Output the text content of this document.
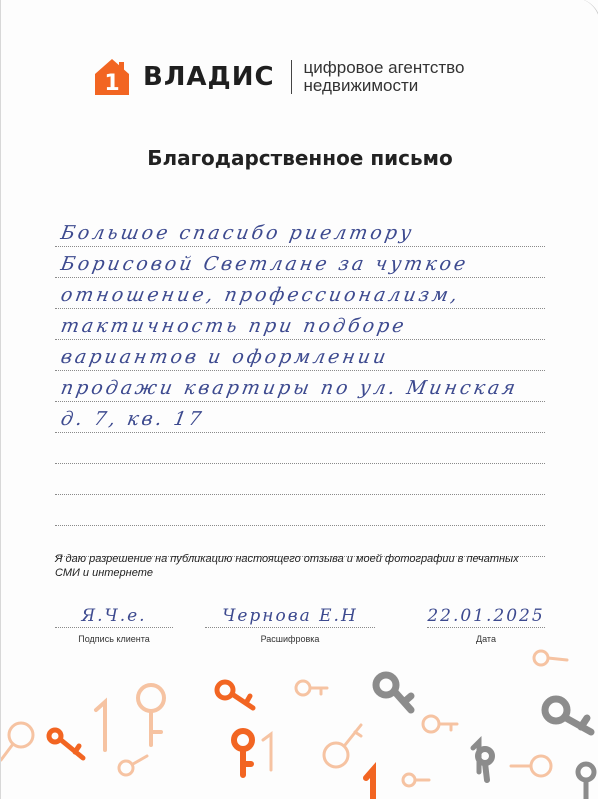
1 ВЛАДИС цифровое агентство
недвижимости
Благодарственное письмо
Большое спасибо риелтору
Борисовой Светлане за чуткое
отношение, профессионализм,
тактичность при подборе
вариантов и оформлении
продажи квартиры по ул. Минская
д. 7, кв. 17
Я даю разрешение на публикацию настоящего отзыва и моей фотографии в печатных СМИ и интернете
Я.Ч.е.
Подпись клиента
Чернова Е.Н
Расшифровка
22.01.2025
Дата
